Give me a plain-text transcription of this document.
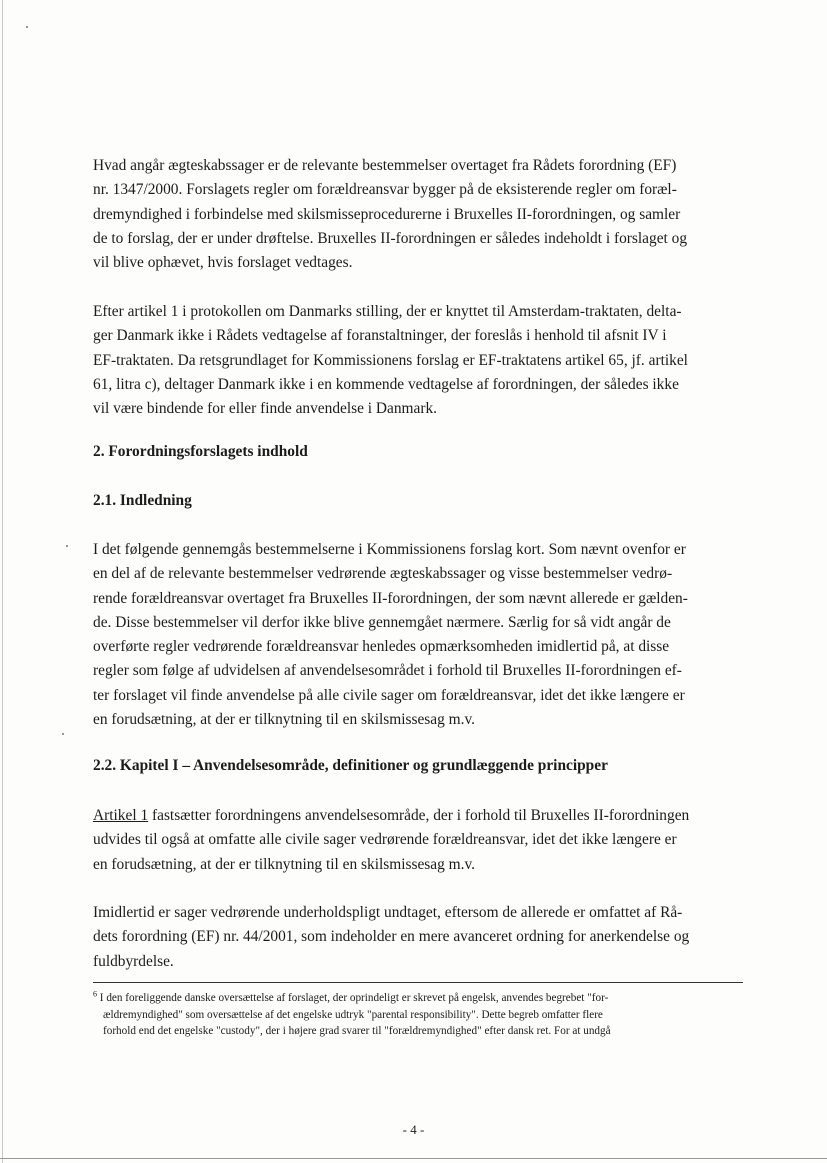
Hvad angår ægteskabssager er de relevante bestemmelser overtaget fra Rådets forordning (EF)

nr. 1347/2000. Forslagets regler om forældreansvar bygger på de eksisterende regler om foræl-

dremyndighed i forbindelse med skilsmisseprocedurerne i Bruxelles II-forordningen, og samler

de to forslag, der er under drøftelse. Bruxelles II-forordningen er således indeholdt i forslaget og

vil blive ophævet, hvis forslaget vedtages.

Efter artikel 1 i protokollen om Danmarks stilling, der er knyttet til Amsterdam-traktaten, delta-

ger Danmark ikke i Rådets vedtagelse af foranstaltninger, der foreslås i henhold til afsnit IV i

EF-traktaten. Da retsgrundlaget for Kommissionens forslag er EF-traktatens artikel 65, jf. artikel

61, litra c), deltager Danmark ikke i en kommende vedtagelse af forordningen, der således ikke

vil være bindende for eller finde anvendelse i Danmark.

2. Forordningsforslagets indhold
2.1. Indledning

I det følgende gennemgås bestemmelserne i Kommissionens forslag kort. Som nævnt ovenfor er

en del af de relevante bestemmelser vedrørende ægteskabssager og visse bestemmelser vedrø-

rende forældreansvar overtaget fra Bruxelles II-forordningen, der som nævnt allerede er gælden-

de. Disse bestemmelser vil derfor ikke blive gennemgået nærmere. Særlig for så vidt angår de

overførte regler vedrørende forældreansvar henledes opmærksomheden imidlertid på, at disse

regler som følge af udvidelsen af anvendelsesområdet i forhold til Bruxelles II-forordningen ef-

ter forslaget vil finde anvendelse på alle civile sager om forældreansvar, idet det ikke længere er

en forudsætning, at der er tilknytning til en skilsmissesag m.v.

2.2. Kapitel I – Anvendelsesområde, definitioner og grundlæggende principper

Artikel 1 fastsætter forordningens anvendelsesområde, der i forhold til Bruxelles II-forordningen

udvides til også at omfatte alle civile sager vedrørende forældreansvar, idet det ikke længere er

en forudsætning, at der er tilknytning til en skilsmissesag m.v.

Imidlertid er sager vedrørende underholdspligt undtaget, eftersom de allerede er omfattet af Rå-

dets forordning (EF) nr. 44/2001, som indeholder en mere avanceret ordning for anerkendelse og

fuldbyrdelse.

$^6$ I den foreliggende danske oversættelse af forslaget, der oprindeligt er skrevet på engelsk, anvendes begrebet "for-

ældremyndighed" som oversættelse af det engelske udtryk "parental responsibility". Dette begreb omfatter flere

forhold end det engelske "custody", der i højere grad svarer til "forældremyndighed" efter dansk ret. For at undgå

- 4 -
